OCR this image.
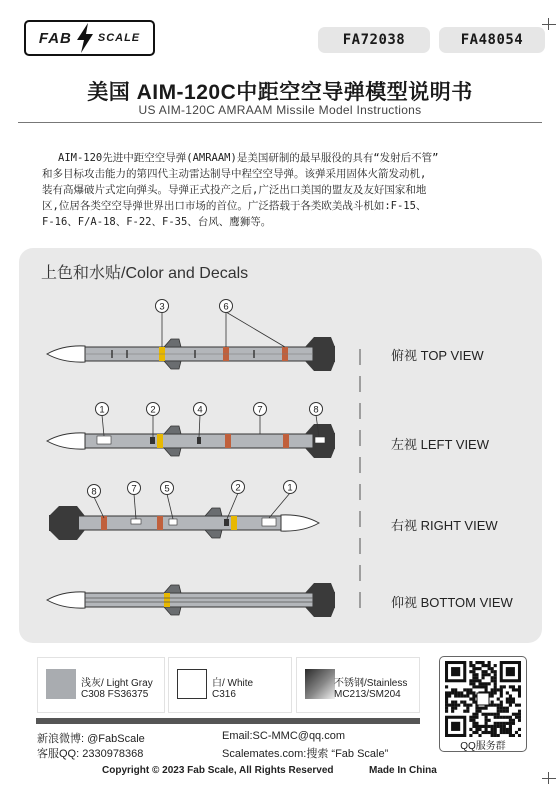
FAB SCALE	FA72038	FA48054
美国 AIM-120C中距空空导弹模型说明书
US AIM-120C AMRAAM Missile Model Instructions
AIM-120先进中距空空导弹(AMRAAM)是美国研制的最早服役的具有“发射后不管”
和多目标攻击能力的第四代主动雷达制导中程空空导弹。该弹采用固体火箭发动机,
装有高爆破片式定向弹头。导弹正式投产之后,广泛出口美国的盟友及友好国家和地
区,位居各类空空导弹世界出口市场的首位。广泛搭载于各类欧美战斗机如:F-15、
F-16、F/A-18、F-22、F-35、台风、鹰狮等。
上色和水贴/Color and Decals
3	6
1	2	4	7	8
8	7	5	2	1
俯视 TOP VIEW
左视 LEFT VIEW
右视 RIGHT VIEW
仰视 BOTTOM VIEW
浅灰/ Light Gray
C308 FS36375
白/ White
C316
不锈钢/Stainless
MC213/SM204
QQ服务群
新浪微博: @FabScale
客服QQ: 2330978368
Email:SC-MMC@qq.com
Scalemates.com:搜索 “Fab Scale”
Copyright © 2023 Fab Scale, All Rights Reserved	Made In China
